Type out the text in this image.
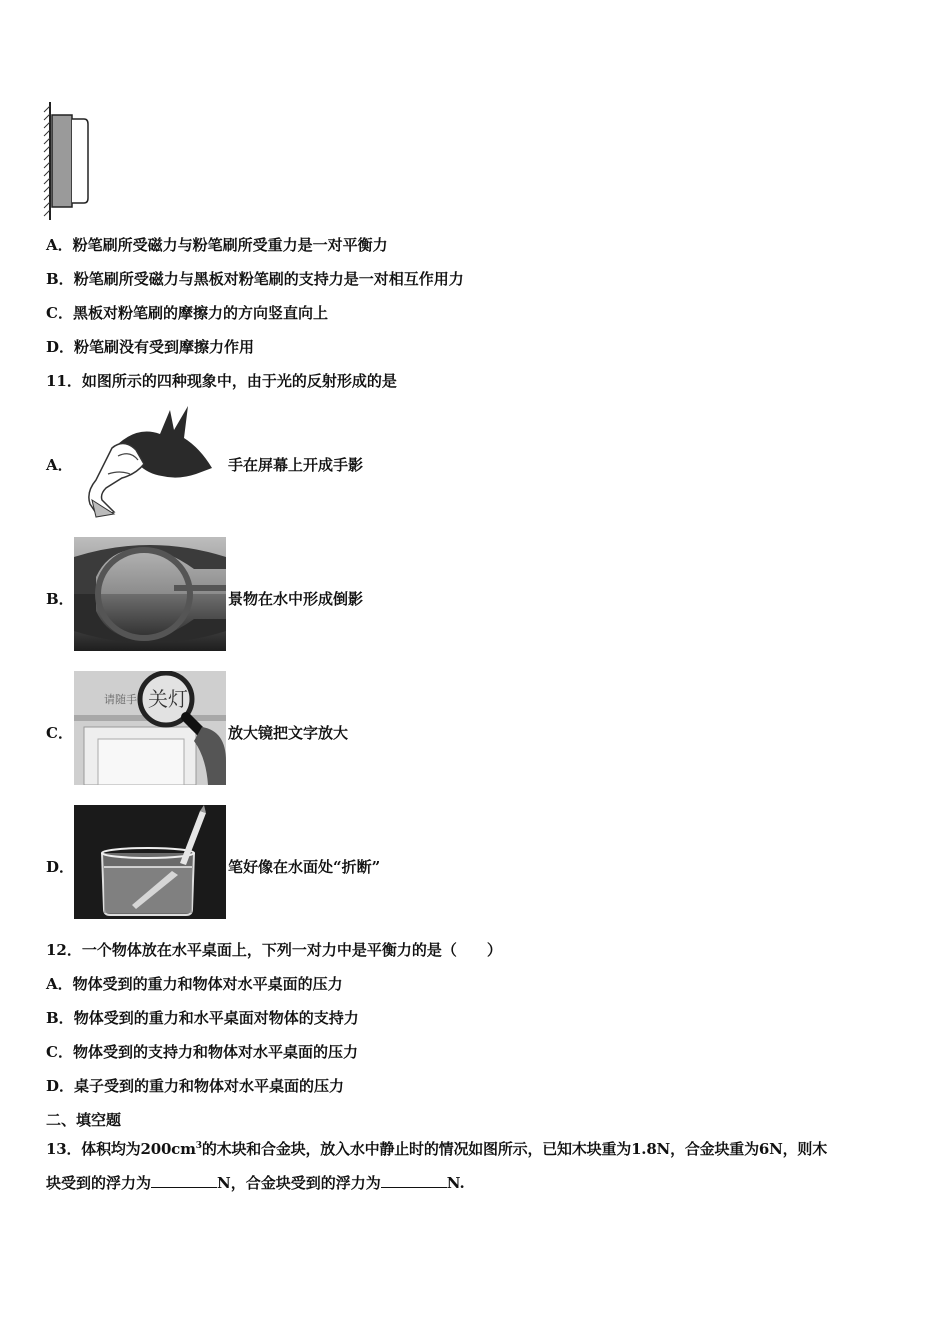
A．粉笔刷所受磁力与粉笔刷所受重力是一对平衡力
B．粉笔刷所受磁力与黑板对粉笔刷的支持力是一对相互作用力
C．黑板对粉笔刷的摩擦力的方向竖直向上
D．粉笔刷没有受到摩擦力作用
11．如图所示的四种现象中，由于光的反射形成的是
A．	手在屏幕上开成手影
B．	景物在水中形成倒影
C．
请随手 关灯
放大镜把文字放大
D．	笔好像在水面处“折断”
12．一个物体放在水平桌面上，下列一对力中是平衡力的是（　　）
A．物体受到的重力和物体对水平桌面的压力
B．物体受到的重力和水平桌面对物体的支持力
C．物体受到的支持力和物体对水平桌面的压力
D．桌子受到的重力和物体对水平桌面的压力
二、填空题
13．体积均为$200cm^3$的木块和合金块，放入水中静止时的情况如图所示，已知木块重为1.8N，合金块重为6N，则木
块受到的浮力为	N，合金块受到的浮力为	N.
